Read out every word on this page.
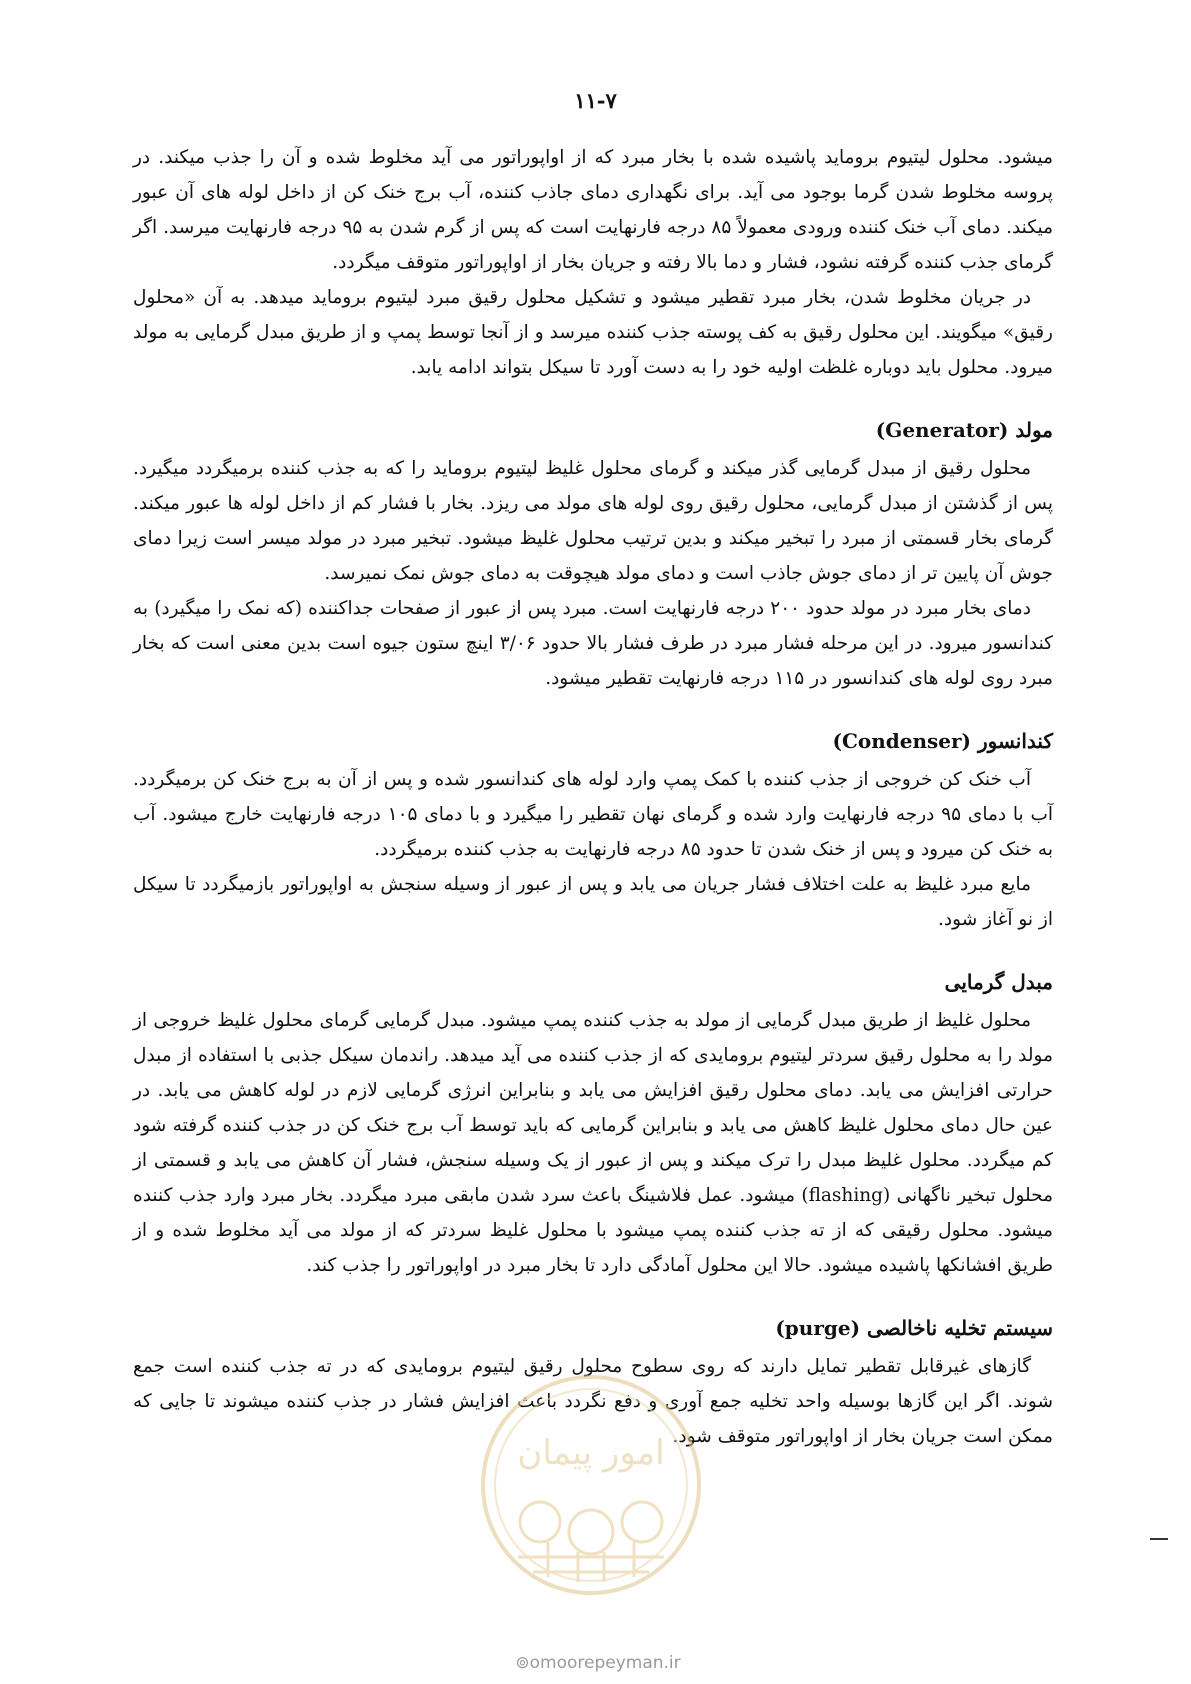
۱۱-۷

میشود. محلول لیتیوم بروماید پاشیده شده با بخار مبرد که از اواپوراتور می آید مخلوط شده و آن را جذب میکند. در پروسه مخلوط شدن گرما بوجود می آید. برای نگهداری دمای جاذب کننده، آب برج خنک کن از داخل لوله های آن عبور میکند. دمای آب خنک کننده ورودی معمولاً ۸۵ درجه فارنهایت است که پس از گرم شدن به ۹۵ درجه فارنهایت میرسد. اگر گرمای جذب کننده گرفته نشود، فشار و دما بالا رفته و جریان بخار از اواپوراتور متوقف میگردد.

در جریان مخلوط شدن، بخار مبرد تقطیر میشود و تشکیل محلول رقیق مبرد لیتیوم بروماید میدهد. به آن «محلول رقیق» میگویند. این محلول رقیق به کف پوسته جذب کننده میرسد و از آنجا توسط پمپ و از طریق مبدل گرمایی به مولد میرود. محلول باید دوباره غلظت اولیه خود را به دست آورد تا سیکل بتواند ادامه یابد.

مولد (Generator)

محلول رقیق از مبدل گرمایی گذر میکند و گرمای محلول غلیظ لیتیوم بروماید را که به جذب کننده برمیگردد میگیرد. پس از گذشتن از مبدل گرمایی، محلول رقیق روی لوله های مولد می ریزد. بخار با فشار کم از داخل لوله ها عبور میکند. گرمای بخار قسمتی از مبرد را تبخیر میکند و بدین ترتیب محلول غلیظ میشود. تبخیر مبرد در مولد میسر است زیرا دمای جوش آن پایین تر از دمای جوش جاذب است و دمای مولد هیچوقت به دمای جوش نمک نمیرسد.

دمای بخار مبرد در مولد حدود ۲۰۰ درجه فارنهایت است. مبرد پس از عبور از صفحات جداکننده (که نمک را میگیرد) به کندانسور میرود. در این مرحله فشار مبرد در طرف فشار بالا حدود ۳/۰۶ اینچ ستون جیوه است بدین معنی است که بخار مبرد روی لوله های کندانسور در ۱۱۵ درجه فارنهایت تقطیر میشود.

کندانسور (Condenser)

آب خنک کن خروجی از جذب کننده با کمک پمپ وارد لوله های کندانسور شده و پس از آن به برج خنک کن برمیگردد. آب با دمای ۹۵ درجه فارنهایت وارد شده و گرمای نهان تقطیر را میگیرد و با دمای ۱۰۵ درجه فارنهایت خارج میشود. آب به خنک کن میرود و پس از خنک شدن تا حدود ۸۵ درجه فارنهایت به جذب کننده برمیگردد.

مایع مبرد غلیظ به علت اختلاف فشار جریان می یابد و پس از عبور از وسیله سنجش به اواپوراتور بازمیگردد تا سیکل از نو آغاز شود.

مبدل گرمایی

محلول غلیظ از طریق مبدل گرمایی از مولد به جذب کننده پمپ میشود. مبدل گرمایی گرمای محلول غلیظ خروجی از مولد را به محلول رقیق سردتر لیتیوم برومایدی که از جذب کننده می آید میدهد. راندمان سیکل جذبی با استفاده از مبدل حرارتی افزایش می یابد. دمای محلول رقیق افزایش می یابد و بنابراین انرژی گرمایی لازم در لوله کاهش می یابد. در عین حال دمای محلول غلیظ کاهش می یابد و بنابراین گرمایی که باید توسط آب برج خنک کن در جذب کننده گرفته شود کم میگردد. محلول غلیظ مبدل را ترک میکند و پس از عبور از یک وسیله سنجش، فشار آن کاهش می یابد و قسمتی از محلول تبخیر ناگهانی (flashing) میشود. عمل فلاشینگ باعث سرد شدن مابقی مبرد میگردد. بخار مبرد وارد جذب کننده میشود. محلول رقیقی که از ته جذب کننده پمپ میشود با محلول غلیظ سردتر که از مولد می آید مخلوط شده و از طریق افشانکها پاشیده میشود. حالا این محلول آمادگی دارد تا بخار مبرد در اواپوراتور را جذب کند.

سیستم تخلیه ناخالصی (purge)

گازهای غیرقابل تقطیر تمایل دارند که روی سطوح محلول رقیق لیتیوم برومایدی که در ته جذب کننده است جمع شوند. اگر این گازها بوسیله واحد تخلیه جمع آوری و دفع نگردد باعث افزایش فشار در جذب کننده میشوند تا جایی که ممکن است جریان بخار از اواپوراتور متوقف شود.

امور پیمان
⊚omoorepeyman.ir
